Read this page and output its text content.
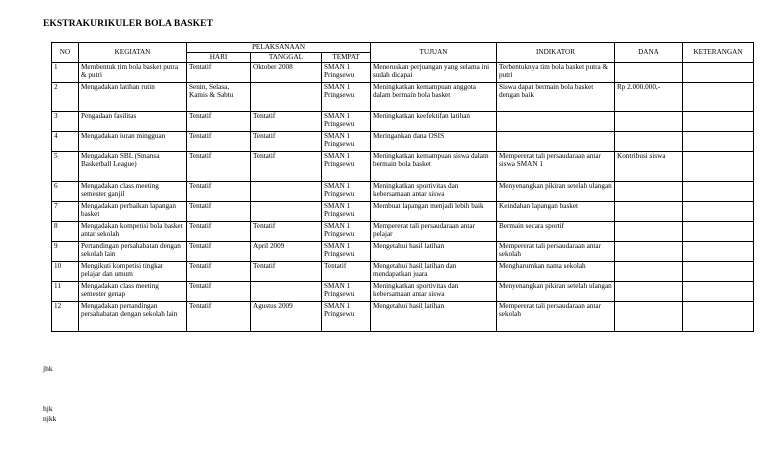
EKSTRAKURIKULER BOLA BASKET
NO	KEGIATAN	PELAKSANAAN			TUJUAN	INDIKATOR	DANA	KETERANGAN
		HARI	TANGGAL	TEMPAT				
1	Membentuk tim bola basket putra & putri	Tentatif	Oktober 2008	SMAN 1 Pringsewu	Meneruskan perjuangan yang selama ini sudah dicapai	Terbentuknya tim bola basket putra & putri		
2	Mengadakan latihan rutin	Senin, Selasa, Kamis & Sabtu		SMAN 1 Pringsewu	Meningkatkan kemampuan anggota dalam bermain bola basket	Siswa dapat bermain bola basket dengan baik	Rp 2.000.000,-	
3	Pengadaan fasilitas	Tentatif	Tentatif	SMAN 1 Pringsewu	Meningkatkan keefektifan latihan			
4	Mengadakan iuran mingguan	Tentatif	Tentatif	SMAN 1 Pringsewu	Meringankan dana OSIS			
5	Mengadakan SBL (Smansa Basketball League)	Tentatif	Tentatif	SMAN 1 Pringsewu	Meningkatkan kemampuan siswa dalam bermain bola basket	Mempererat tali persaudaraan antar siswa SMAN 1	Kontribusi siswa	
6	Mengadakan class meeting semester ganjil	Tentatif		SMAN 1 Pringsewu	Meningkatkan sportivitas dan kebersamaan antar siswa	Menyenangkan pikiran setelah ulangan		
7	Mengadakan perbaikan lapangan basket	Tentatif		SMAN 1 Pringsewu	Membuat lapangan menjadi lebih baik	Keindahan lapangan basket		
8	Mengadakan kompetisi bola basket antar sekolah	Tentatif	Tentatif	SMAN 1 Pringsewu	Mempererat tali persaudaraan antar pelajar	Bermain secara sportif		
9	Pertandingan persahabatan dengan sekolah lain	Tentatif	April 2009	SMAN 1 Pringsewu	Mengetahui hasil latihan	Mempererat tali persaudaraan antar sekolah		
10	Mengikuti kompetisi tingkat pelajar dan umum	Tentatif	Tentatif	Tentatif	Mengetahui hasil latihan dan mendapatkan juara	Mengharumkan nama sekolah		
11	Mengadakan class meeting semester genap	Tentatif		SMAN 1 Pringsewu	Meningkatkan sportivitas dan kebersamaan antar siswa	Menyenangkan pikiran setelah ulangan		
12	Mengadakan pertandingan persahabatan dengan sekolah lain	Tentatif	Agustus 2009	SMAN 1 Pringsewu	Mengetahui hasil latihan	Mempererat tali persaudaraan antar sekolah		
jhk
hjk
njkk
